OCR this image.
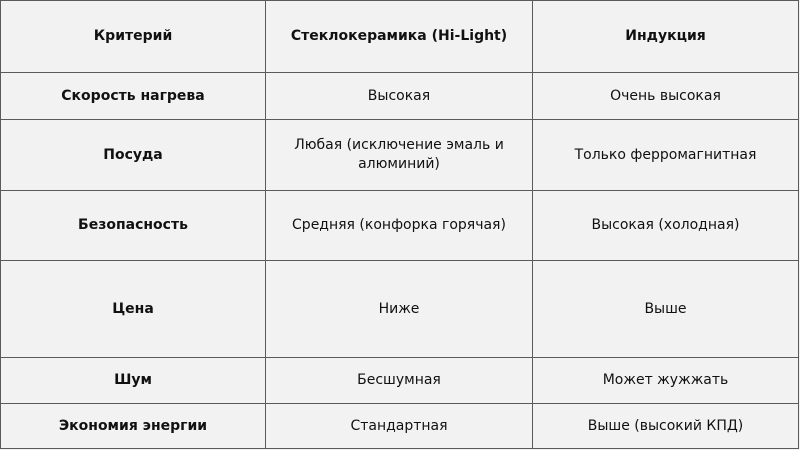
Критерий	Стеклокерамика (Hi-Light)	Индукция
Скорость нагрева	Высокая	Очень высокая
Посуда	Любая (исключение эмаль и алюминий)	Только ферромагнитная
Безопасность	Средняя (конфорка горячая)	Высокая (холодная)
Цена	Ниже	Выше
Шум	Бесшумная	Может жужжать
Экономия энергии	Стандартная	Выше (высокий КПД)
